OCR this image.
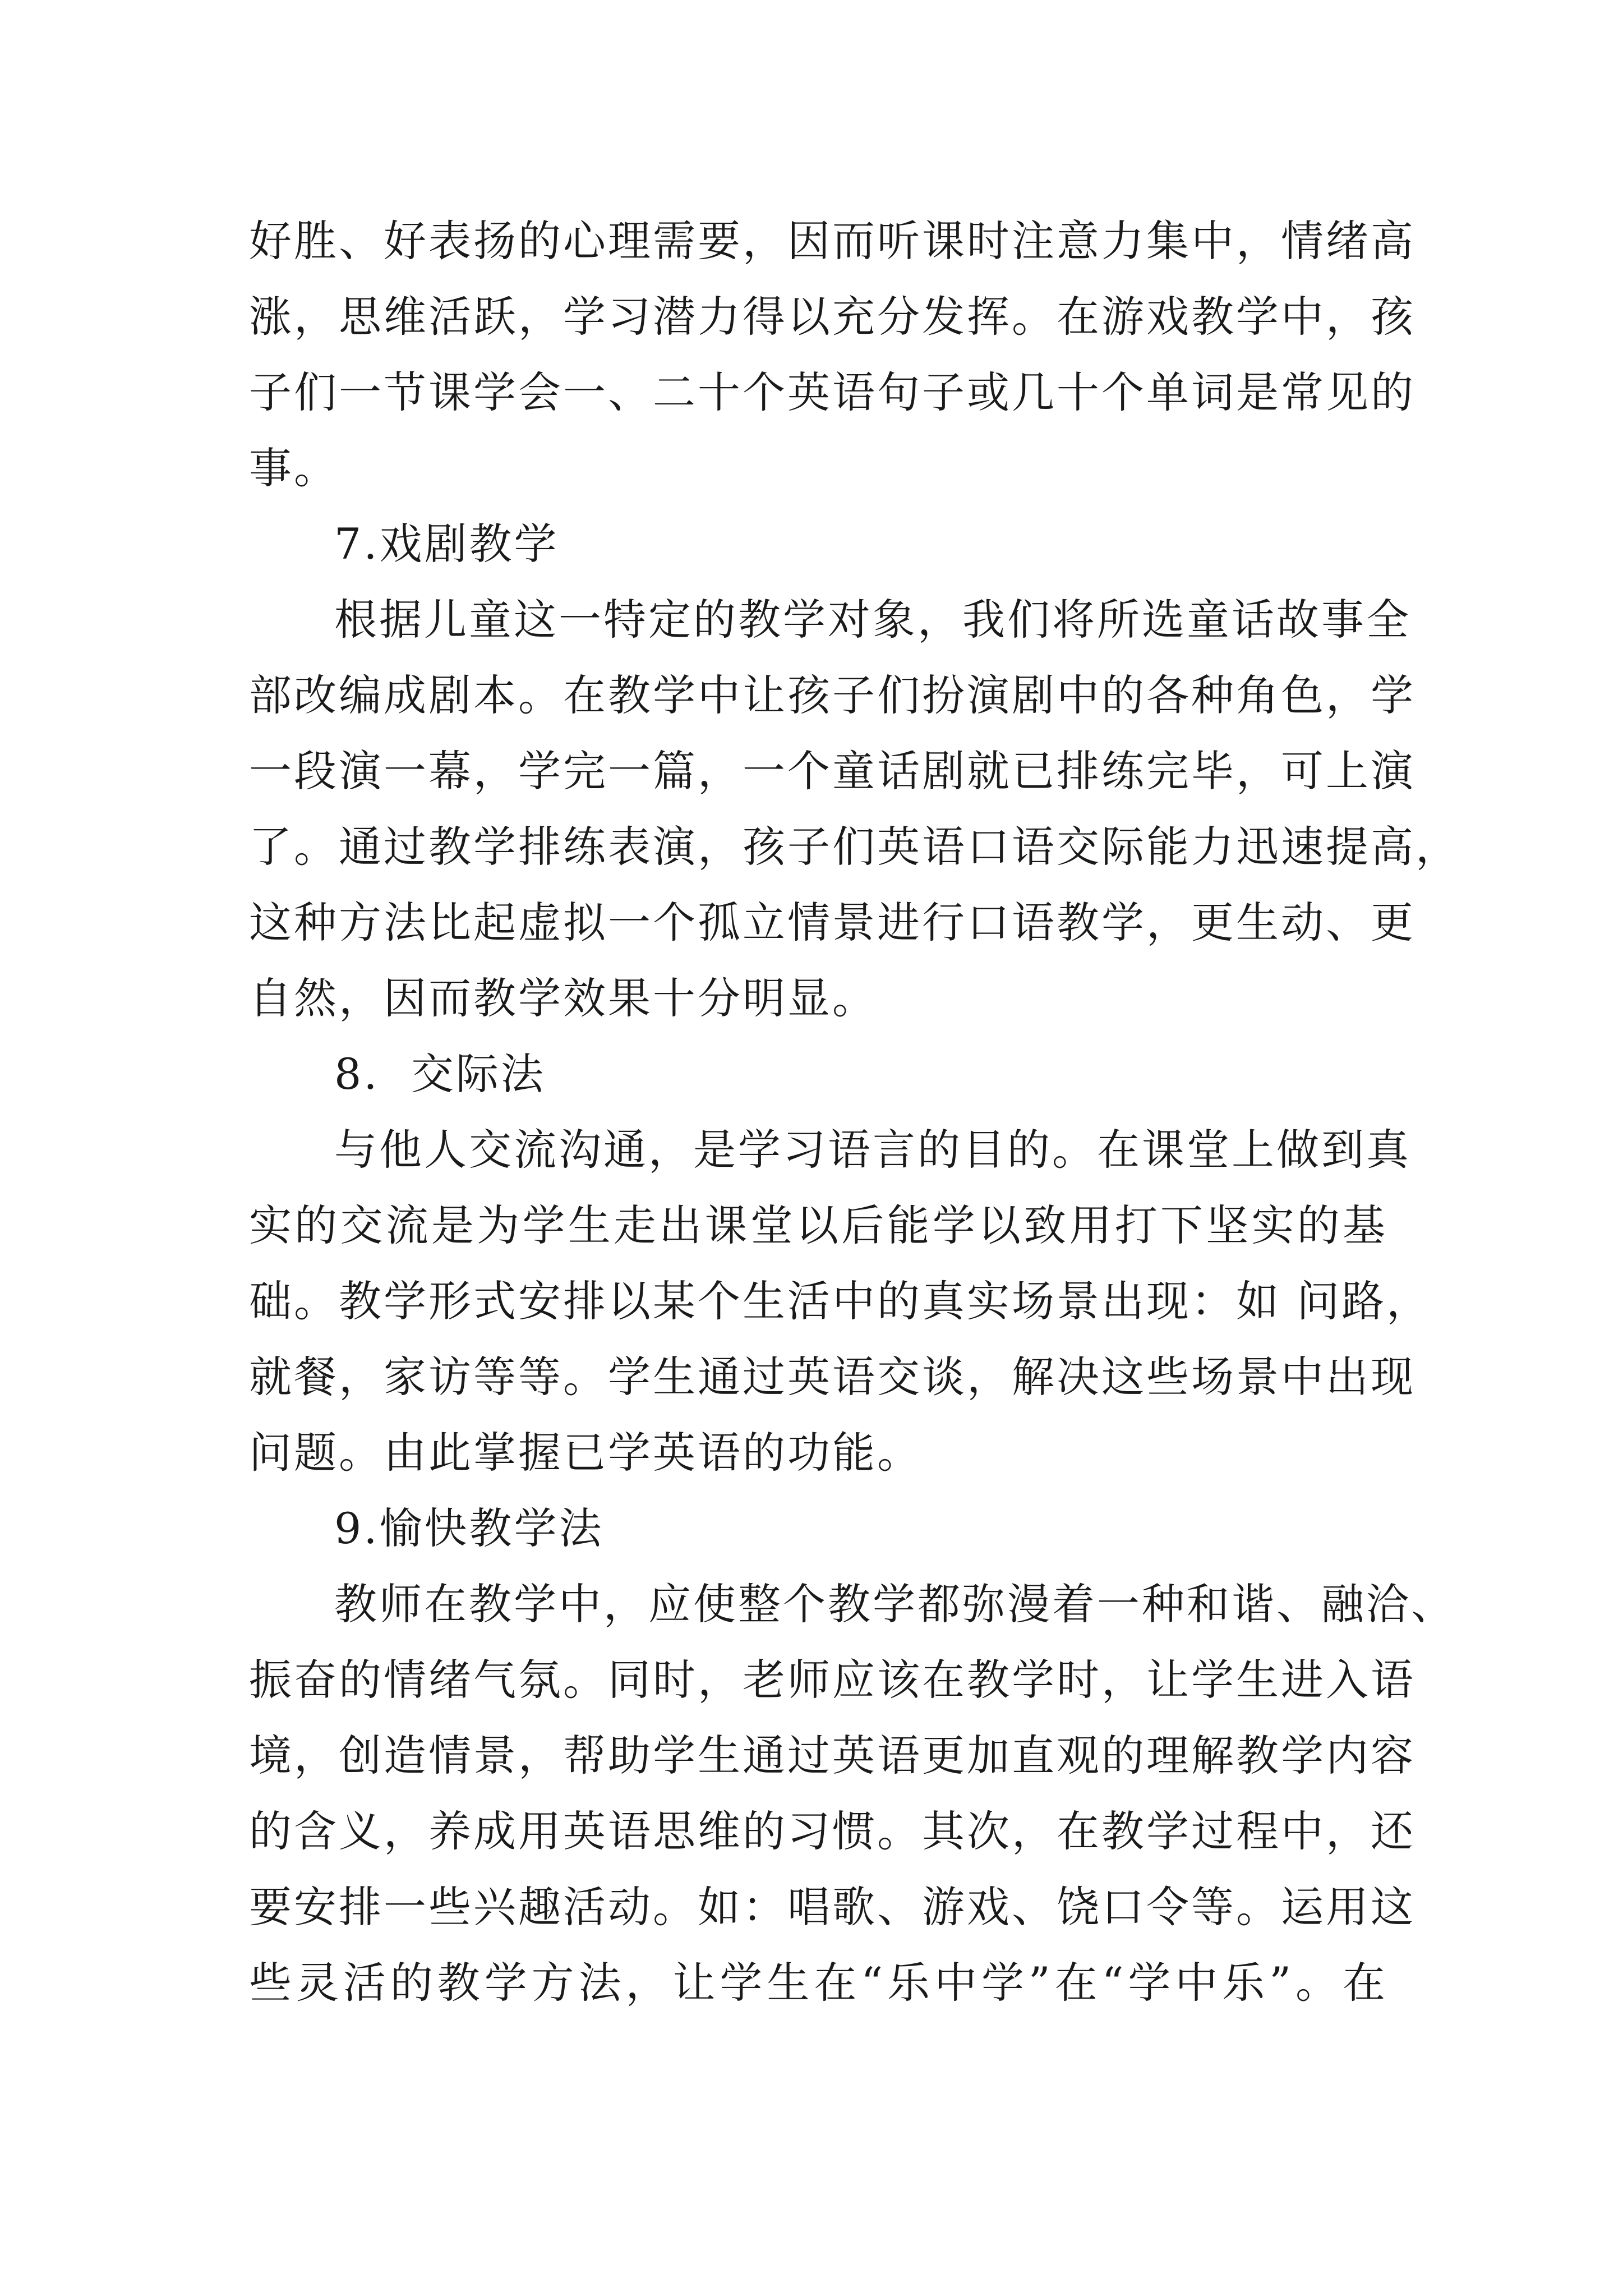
好胜、好表扬的心理需要，因而听课时注意力集中，情绪高
涨，思维活跃，学习潜力得以充分发挥。在游戏教学中，孩
子们一节课学会一、二十个英语句子或几十个单词是常见的
事。
7.戏剧教学
根据儿童这一特定的教学对象，我们将所选童话故事全
部改编成剧本。在教学中让孩子们扮演剧中的各种角色，学
一段演一幕，学完一篇，一个童话剧就已排练完毕，可上演
了。通过教学排练表演，孩子们英语口语交际能力迅速提高，
这种方法比起虚拟一个孤立情景进行口语教学，更生动、更
自然，因而教学效果十分明显。
8.  交际法
与他人交流沟通，是学习语言的目的。在课堂上做到真
实的交流是为学生走出课堂以后能学以致用打下坚实的基
础。教学形式安排以某个生活中的真实场景出现：如 问路，
就餐，家访等等。学生通过英语交谈，解决这些场景中出现
问题。由此掌握已学英语的功能。
9.愉快教学法
教师在教学中，应使整个教学都弥漫着一种和谐、融洽、
振奋的情绪气氛。同时，老师应该在教学时，让学生进入语
境，创造情景，帮助学生通过英语更加直观的理解教学内容
的含义，养成用英语思维的习惯。其次，在教学过程中，还
要安排一些兴趣活动。如：唱歌、游戏、饶口令等。运用这
些灵活的教学方法，让学生在“乐中学”在“学中乐”。在
